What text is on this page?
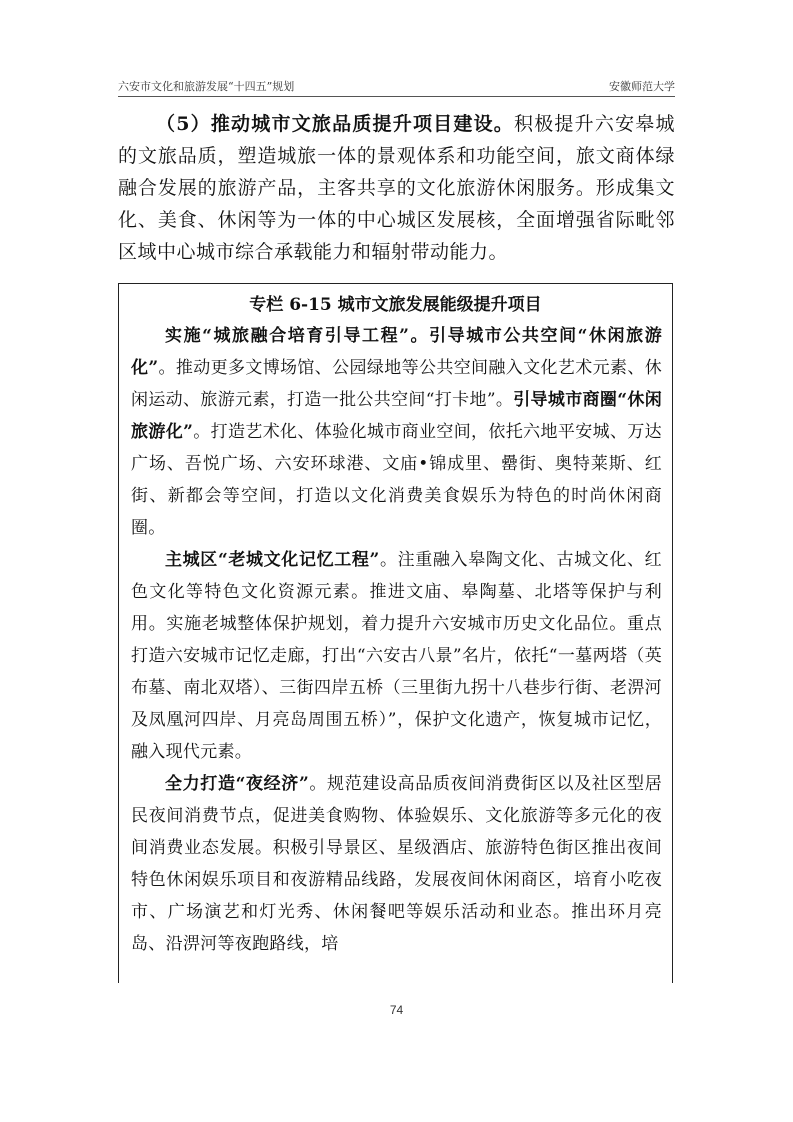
六安市文化和旅游发展“十四五”规划	安徽师范大学

（5）推动城市文旅品质提升项目建设。积极提升六安皋城的文旅品质，塑造城旅一体的景观体系和功能空间，旅文商体绿融合发展的旅游产品，主客共享的文化旅游休闲服务。形成集文化、美食、休闲等为一体的中心城区发展核，全面增强省际毗邻区域中心城市综合承载能力和辐射带动能力。

专栏 6-15 城市文旅发展能级提升项目

实施“城旅融合培育引导工程”。引导城市公共空间“休闲旅游化”。推动更多文博场馆、公园绿地等公共空间融入文化艺术元素、休闲运动、旅游元素，打造一批公共空间“打卡地”。引导城市商圈“休闲旅游化”。打造艺术化、体验化城市商业空间，依托六地平安城、万达广场、吾悦广场、六安环球港、文庙•锦成里、罍街、奥特莱斯、红街、新都会等空间，打造以文化消费美食娱乐为特色的时尚休闲商圈。

主城区“老城文化记忆工程”。注重融入皋陶文化、古城文化、红色文化等特色文化资源元素。推进文庙、皋陶墓、北塔等保护与利用。实施老城整体保护规划，着力提升六安城市历史文化品位。重点打造六安城市记忆走廊，打出“六安古八景”名片，依托“一墓两塔（英布墓、南北双塔）、三街四岸五桥（三里街九拐十八巷步行街、老淠河及凤凰河四岸、月亮岛周围五桥）”，保护文化遗产，恢复城市记忆，融入现代元素。

全力打造“夜经济”。规范建设高品质夜间消费街区以及社区型居民夜间消费节点，促进美食购物、体验娱乐、文化旅游等多元化的夜间消费业态发展。积极引导景区、星级酒店、旅游特色街区推出夜间特色休闲娱乐项目和夜游精品线路，发展夜间休闲商区，培育小吃夜市、广场演艺和灯光秀、休闲餐吧等娱乐活动和业态。推出环月亮岛、沿淠河等夜跑路线，培

74
